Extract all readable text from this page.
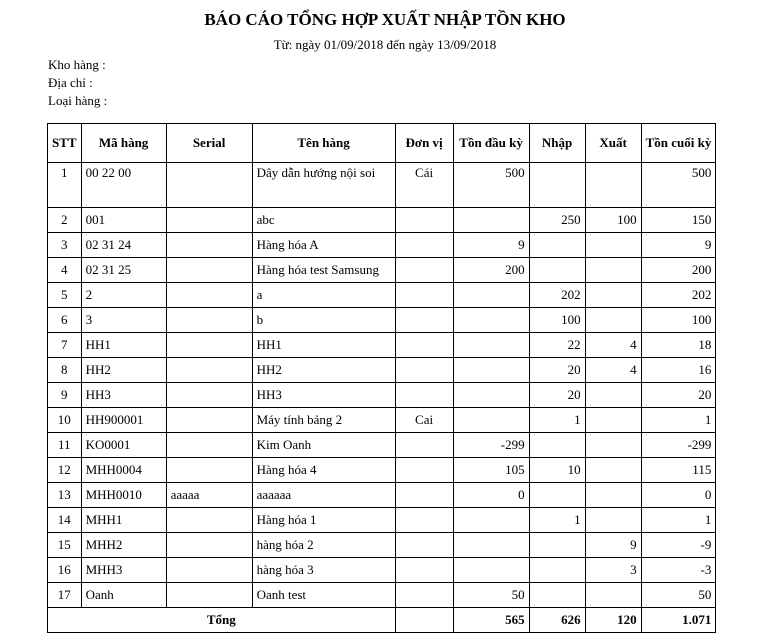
BÁO CÁO TỔNG HỢP XUẤT NHẬP TỒN KHO
Từ: ngày 01/09/2018 đến ngày 13/09/2018
Kho hàng :
Địa chỉ :
Loại hàng :
STT	Mã hàng	Serial	Tên hàng	Đơn vị	Tồn đầu kỳ	Nhập	Xuất	Tồn cuối kỳ
1	00 22 00		Dây dẫn hướng nội soi	Cái	500			500
2	001		abc			250	100	150
3	02 31 24		Hàng hóa A		9			9
4	02 31 25		Hàng hóa test Samsung		200			200
5	2		a			202		202
6	3		b			100		100
7	HH1		HH1			22	4	18
8	HH2		HH2			20	4	16
9	HH3		HH3			20		20
10	HH900001		Máy tính bảng 2	Cai		1		1
11	KO0001		Kim Oanh		-299			-299
12	MHH0004		Hàng hóa 4		105	10		115
13	MHH0010	aaaaa	aaaaaa		0			0
14	MHH1		Hàng hóa 1			1		1
15	MHH2		hàng hóa 2				9	-9
16	MHH3		hàng hóa 3				3	-3
17	Oanh		Oanh test		50			50
Tổng					565	626	120	1.071
